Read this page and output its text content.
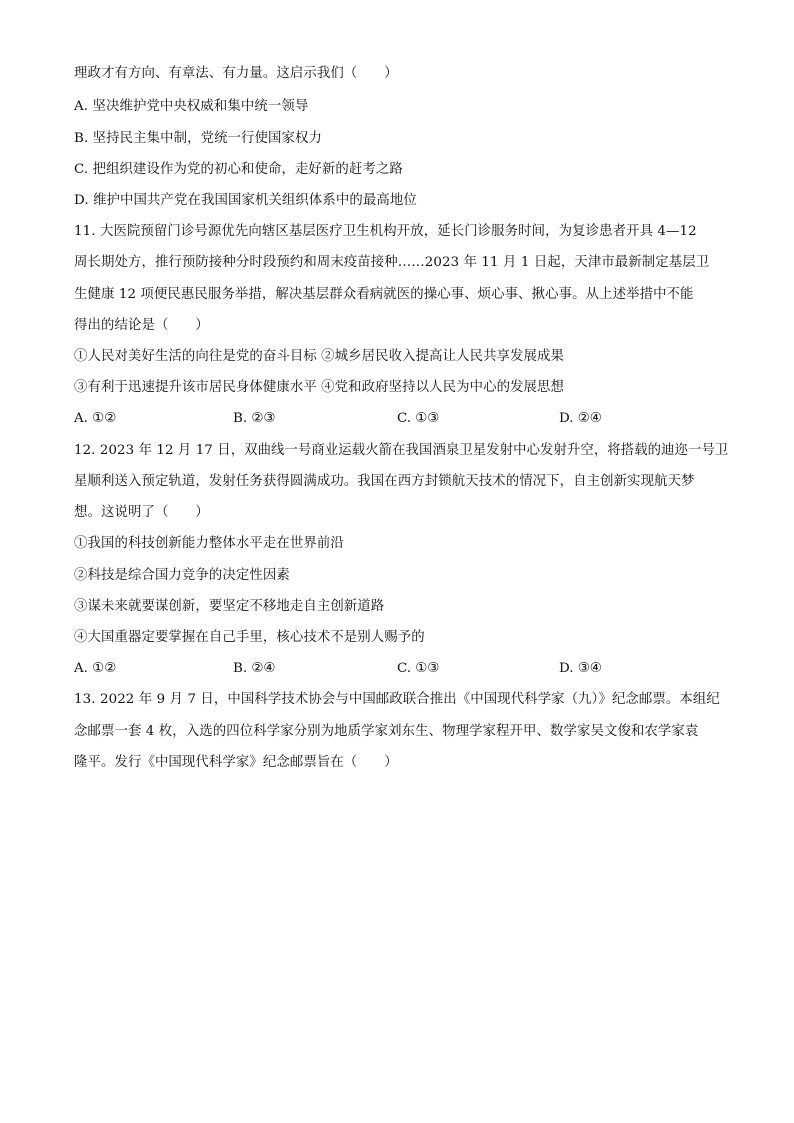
理政才有方向、有章法、有力量。这启示我们（　　）
A. 坚决维护党中央权威和集中统一领导
B. 坚持民主集中制，党统一行使国家权力
C. 把组织建设作为党的初心和使命，走好新的赶考之路
D. 维护中国共产党在我国国家机关组织体系中的最高地位
11. 大医院预留门诊号源优先向辖区基层医疗卫生机构开放，延长门诊服务时间，为复诊患者开具 4—12
周长期处方，推行预防接种分时段预约和周末疫苗接种……2023 年 11 月 1 日起，天津市最新制定基层卫
生健康 12 项便民惠民服务举措，解决基层群众看病就医的操心事、烦心事、揪心事。从上述举措中不能
得出的结论是（　　）
①人民对美好生活的向往是党的奋斗目标 ②城乡居民收入提高让人民共享发展成果
③有利于迅速提升该市居民身体健康水平 ④党和政府坚持以人民为中心的发展思想
A. ①②	B. ②③	C. ①③	D. ②④
12. 2023 年 12 月 17 日，双曲线一号商业运载火箭在我国酒泉卫星发射中心发射升空，将搭载的迪迩一号卫
星顺利送入预定轨道，发射任务获得圆满成功。我国在西方封锁航天技术的情况下，自主创新实现航天梦
想。这说明了（　　）
①我国的科技创新能力整体水平走在世界前沿
②科技是综合国力竞争的决定性因素
③谋未来就要谋创新，要坚定不移地走自主创新道路
④大国重器定要掌握在自己手里，核心技术不是别人赐予的
A. ①②	B. ②④	C. ①③	D. ③④
13. 2022 年 9 月 7 日，中国科学技术协会与中国邮政联合推出《中国现代科学家（九）》纪念邮票。本组纪
念邮票一套 4 枚，入选的四位科学家分别为地质学家刘东生、物理学家程开甲、数学家吴文俊和农学家袁
隆平。发行《中国现代科学家》纪念邮票旨在（　　）
